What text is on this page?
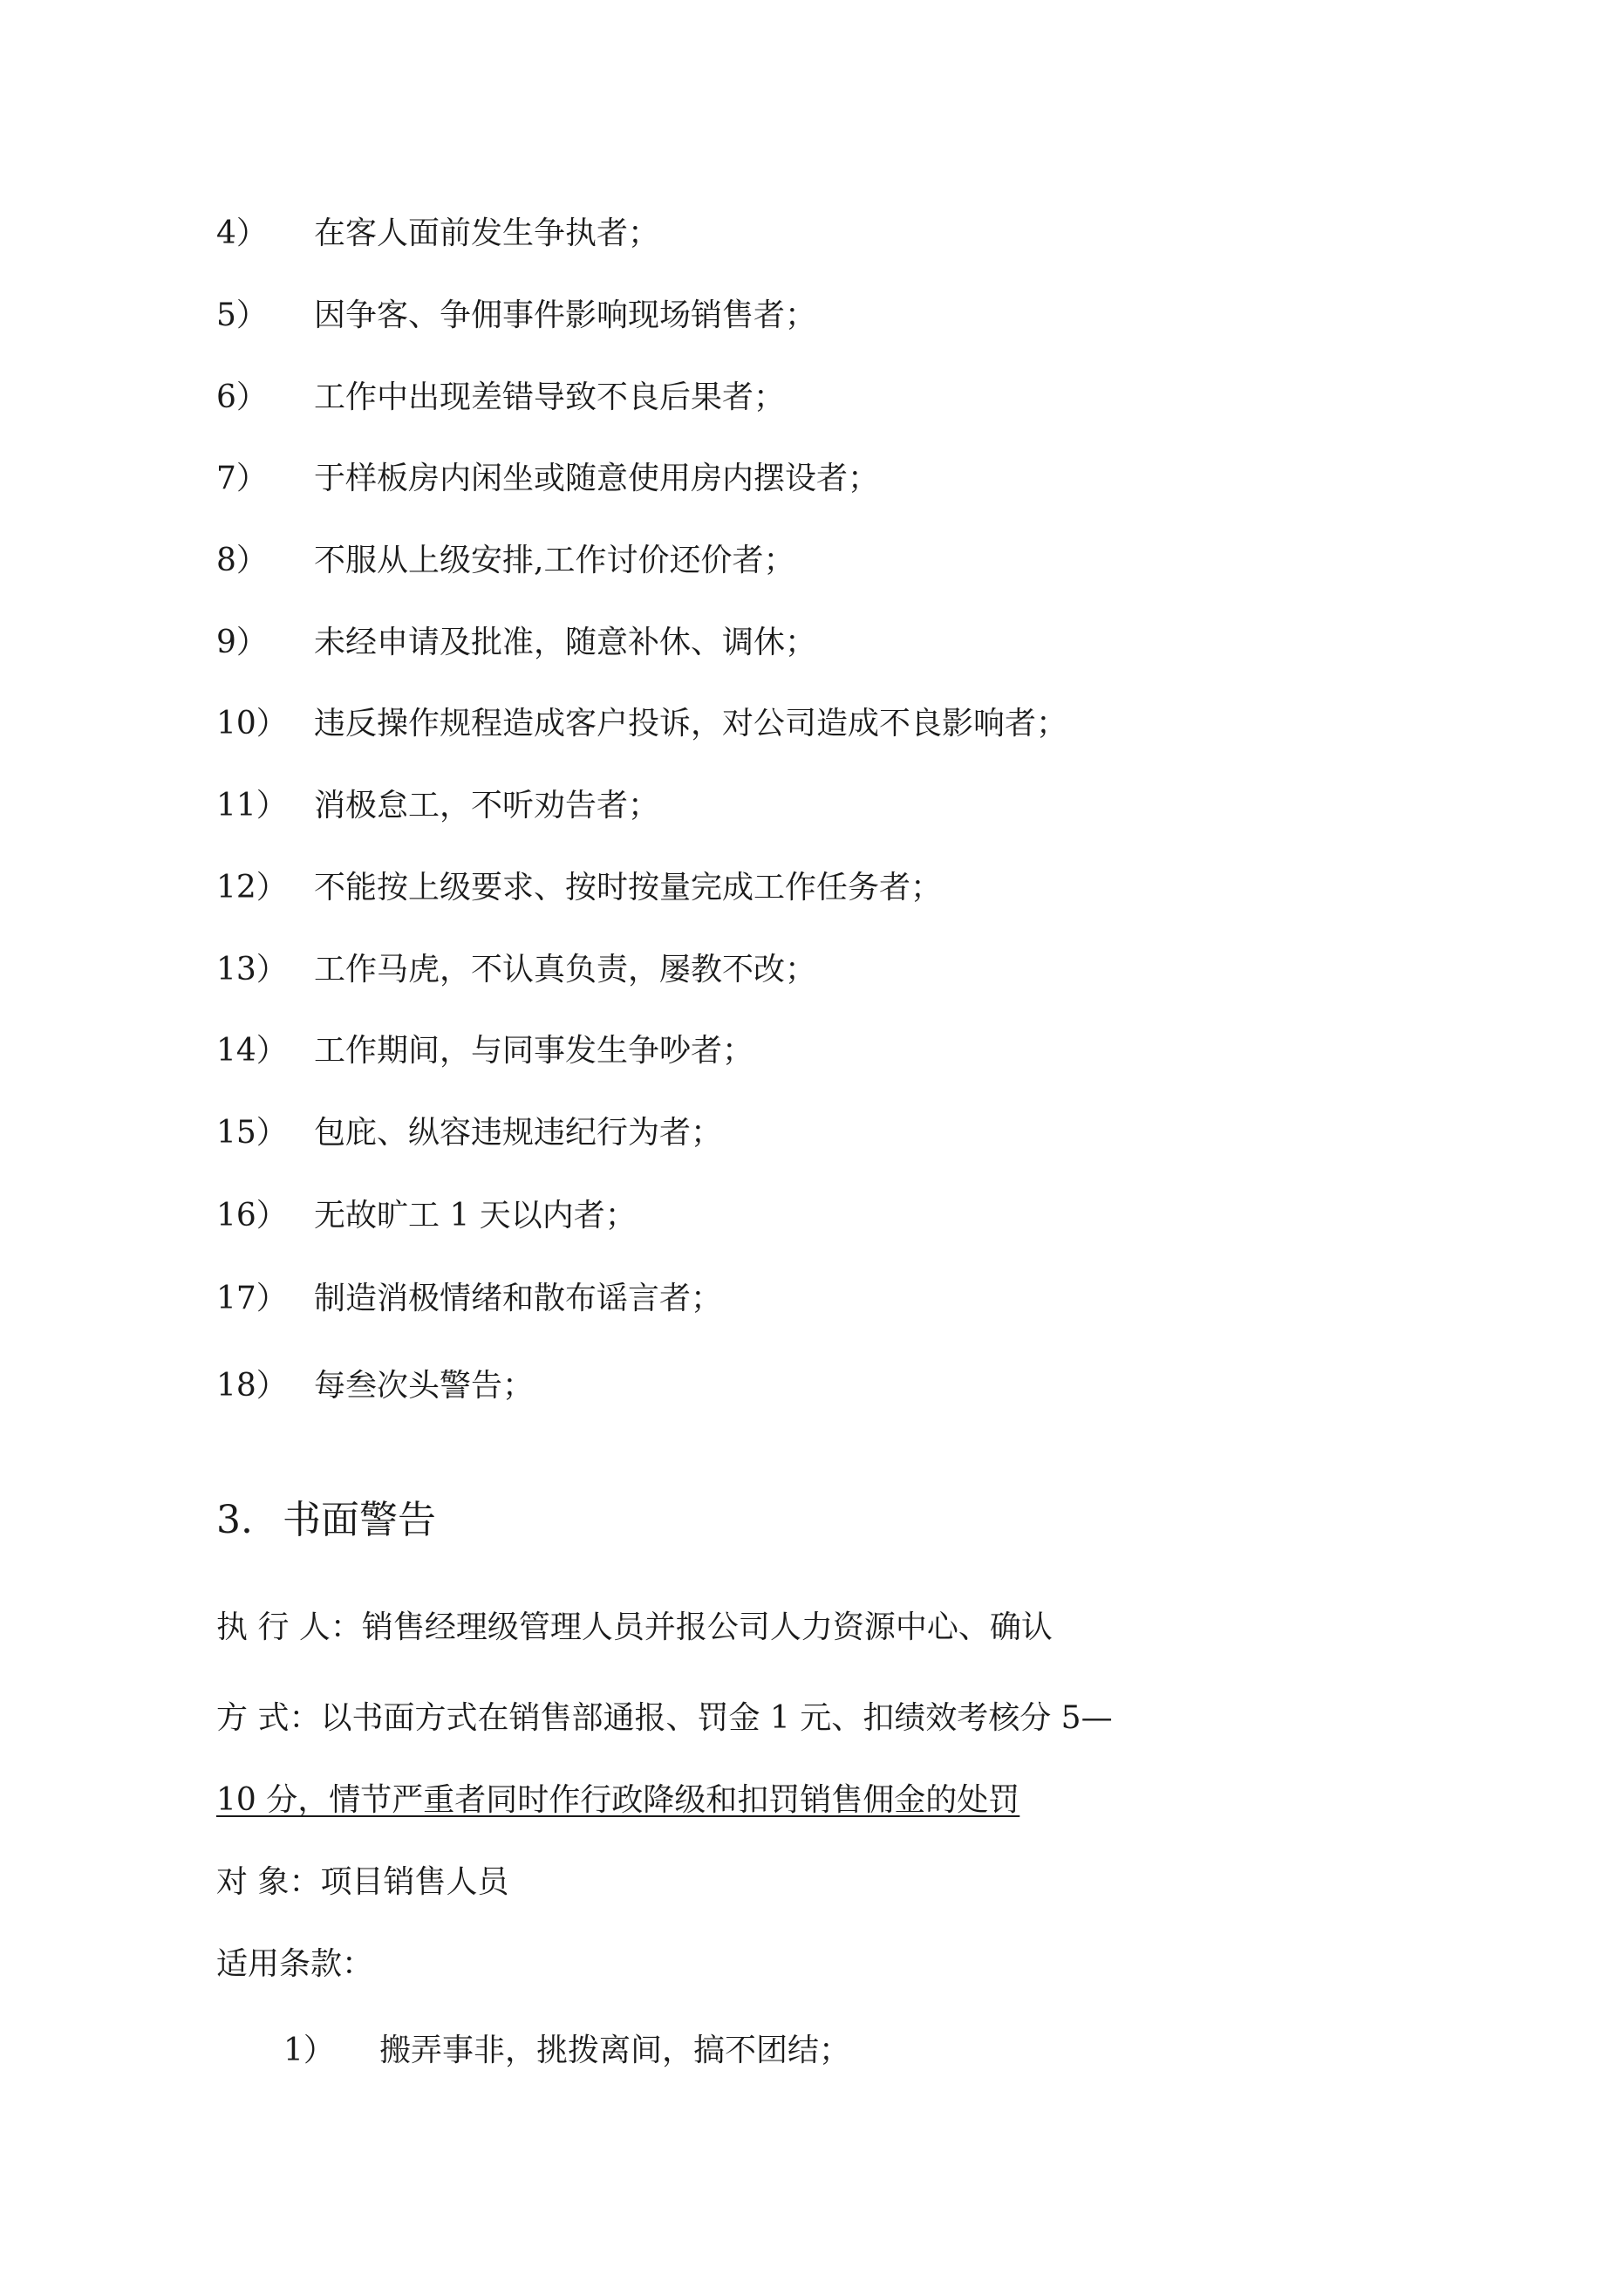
4） 在客人面前发生争执者；
5） 因争客、争佣事件影响现场销售者；
6） 工作中出现差错导致不良后果者；
7） 于样板房内闲坐或随意使用房内摆设者；
8） 不服从上级安排,工作讨价还价者；
9） 未经申请及批准，随意补休、调休；
10） 违反操作规程造成客户投诉，对公司造成不良影响者；
11） 消极怠工，不听劝告者；
12） 不能按上级要求、按时按量完成工作任务者；
13） 工作马虎，不认真负责，屡教不改；
14） 工作期间，与同事发生争吵者；
15） 包庇、纵容违规违纪行为者；
16） 无故旷工 1 天以内者；
17） 制造消极情绪和散布谣言者；
18） 每叁次头警告；
3. 书面警告
执 行 人：销售经理级管理人员并报公司人力资源中心、确认
方 式：以书面方式在销售部通报、罚金 1 元、扣绩效考核分 5—
10 分，情节严重者同时作行政降级和扣罚销售佣金的处罚
对 象：项目销售人员
适用条款：
1） 搬弄事非，挑拨离间，搞不团结；
